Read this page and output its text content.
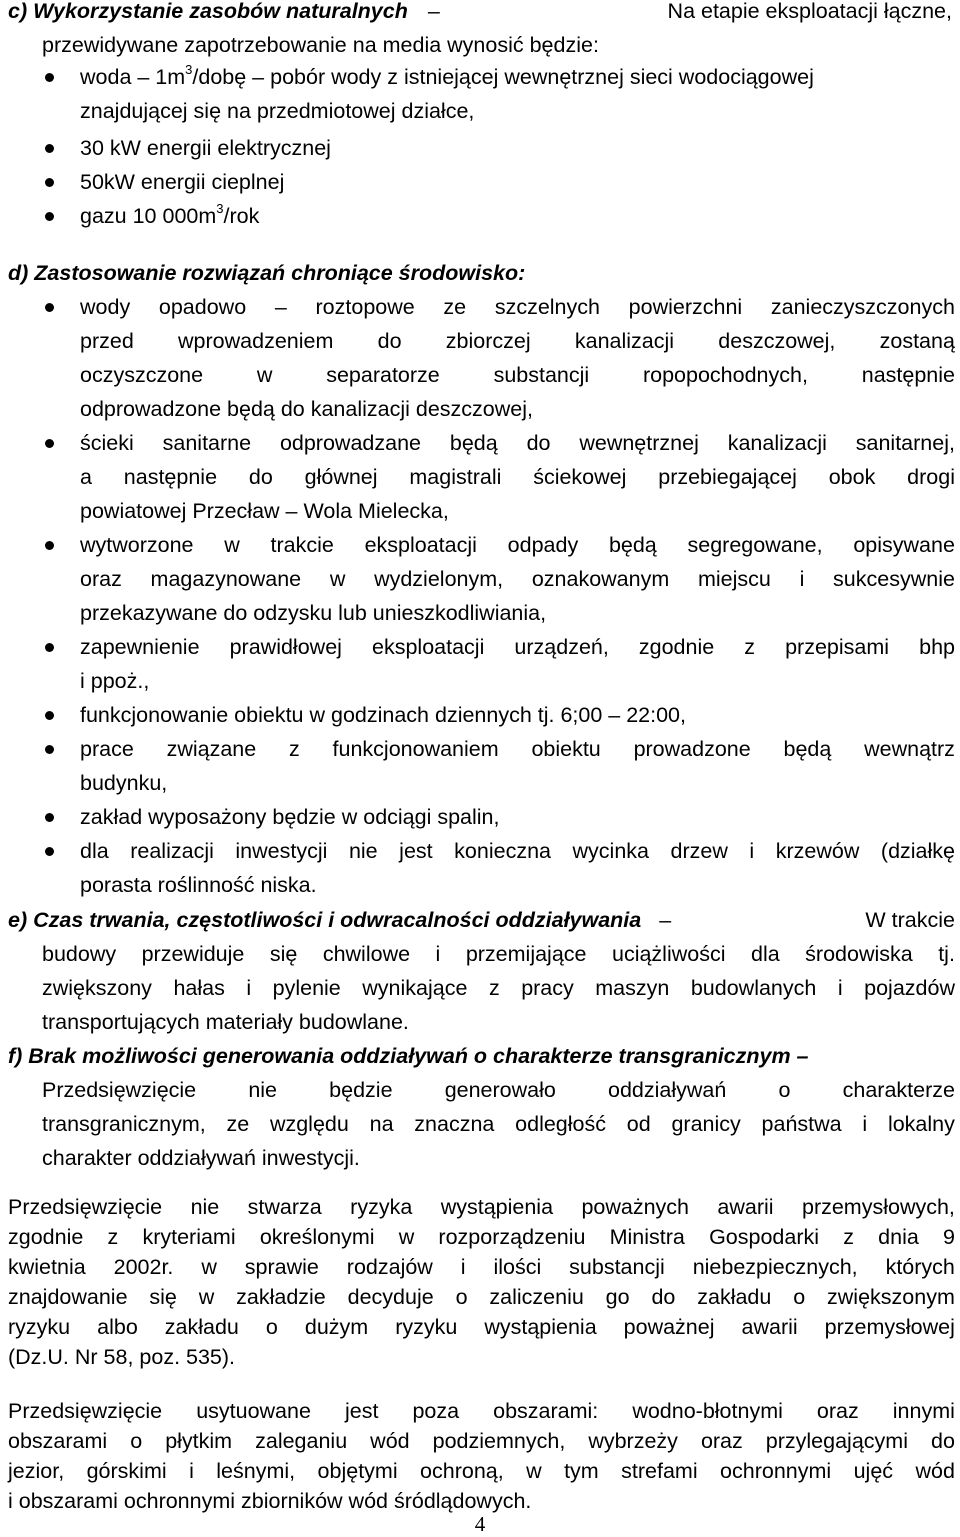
c) Wykorzystanie zasobów naturalnych –	Na etapie eksploatacji łączne,
przewidywane zapotrzebowanie na media wynosić będzie:
woda – $1m^3$/dobę – pobór wody z istniejącej wewnętrznej sieci wodociągowej
znajdującej się na przedmiotowej działce,
30 kW energii elektrycznej
50kW energii cieplnej
gazu 10 $000m^3$/rok
d) Zastosowanie rozwiązań chroniące środowisko:
wody opadowo – roztopowe ze szczelnych powierzchni zanieczyszczonych
przed wprowadzeniem do zbiorczej kanalizacji deszczowej, zostaną
oczyszczone	w	separatorze	substancji	ropopochodnych,	następnie
odprowadzone będą do kanalizacji deszczowej,
ścieki sanitarne odprowadzane będą do wewnętrznej kanalizacji sanitarnej,
a następnie do głównej magistrali ściekowej przebiegającej obok drogi
powiatowej Przecław – Wola Mielecka,
wytworzone w trakcie eksploatacji odpady będą segregowane, opisywane
oraz magazynowane w wydzielonym, oznakowanym miejscu i sukcesywnie
przekazywane do odzysku lub unieszkodliwiania,
zapewnienie prawidłowej eksploatacji urządzeń, zgodnie z przepisami bhp
i ppoż.,
funkcjonowanie obiektu w godzinach dziennych tj. 6;00 – 22:00,
prace związane z funkcjonowaniem obiektu prowadzone będą wewnątrz
budynku,
zakład wyposażony będzie w odciągi spalin,
dla realizacji inwestycji nie jest konieczna wycinka drzew i krzewów (działkę
porasta roślinność niska.
e) Czas trwania, częstotliwości i odwracalności oddziaływania –	W trakcie
budowy przewiduje się chwilowe i przemijające uciążliwości dla środowiska tj.
zwiększony hałas i pylenie wynikające z pracy maszyn budowlanych i pojazdów
transportujących materiały budowlane.
f) Brak możliwości generowania oddziaływań o charakterze transgranicznym –
Przedsięwzięcie nie będzie generowało oddziaływań o charakterze
transgranicznym, ze względu na znaczna odległość od granicy państwa i lokalny
charakter oddziaływań inwestycji.
Przedsięwzięcie nie stwarza ryzyka wystąpienia poważnych awarii przemysłowych,
zgodnie z kryteriami określonymi w rozporządzeniu Ministra Gospodarki z dnia 9
kwietnia 2002r. w sprawie rodzajów i ilości substancji niebezpiecznych, których
znajdowanie się w zakładzie decyduje o zaliczeniu go do zakładu o zwiększonym
ryzyku albo zakładu o dużym ryzyku wystąpienia poważnej awarii przemysłowej
(Dz.U. Nr 58, poz. 535).
Przedsięwzięcie usytuowane jest poza obszarami: wodno-błotnymi oraz innymi
obszarami o płytkim zaleganiu wód podziemnych, wybrzeży oraz przylegającymi do
jezior, górskimi i leśnymi, objętymi ochroną, w tym strefami ochronnymi ujęć wód
i obszarami ochronnymi zbiorników wód śródlądowych.
4
